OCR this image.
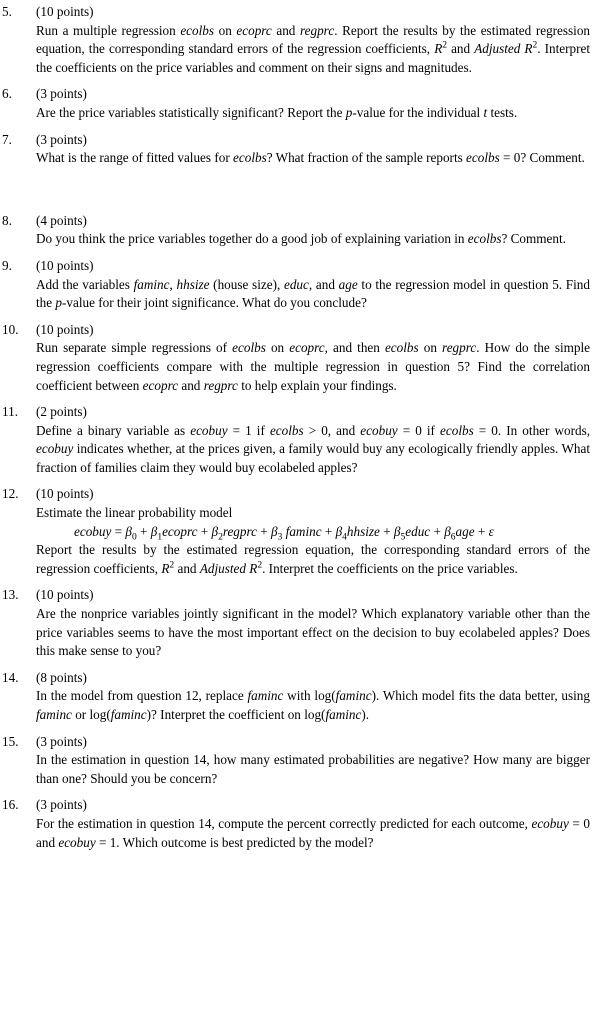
5.	(10 points)
Run a multiple regression ecolbs on ecoprc and regprc. Report the results by the estimated regression equation, the corresponding standard errors of the regression coefficients, $R^2$ and Adjusted $R^2$. Interpret the coefficients on the price variables and comment on their signs and magnitudes.
6.	(3 points)
Are the price variables statistically significant? Report the p-value for the individual t tests.
7.	(3 points)
What is the range of fitted values for ecolbs? What fraction of the sample reports ecolbs = 0? Comment.
8.	(4 points)
Do you think the price variables together do a good job of explaining variation in ecolbs? Comment.
9.	(10 points)
Add the variables faminc, hhsize (house size), educ, and age to the regression model in question 5. Find the p-value for their joint significance. What do you conclude?
10.	(10 points)
Run separate simple regressions of ecolbs on ecoprc, and then ecolbs on regprc. How do the simple regression coefficients compare with the multiple regression in question 5? Find the correlation coefficient between ecoprc and regprc to help explain your findings.
11.	(2 points)
Define a binary variable as ecobuy = 1 if ecolbs > 0, and ecobuy = 0 if ecolbs = 0. In other words, ecobuy indicates whether, at the prices given, a family would buy any ecologically friendly apples. What fraction of families claim they would buy ecolabeled apples?
12.	(10 points)
Estimate the linear probability model
ecobuy = $\beta_0$ + $\beta_1ecoprc$ + $\beta_2regprc + \beta_3$ $faminc + \beta_4hhsize$ + $\beta_5educ + \beta_6age + \varepsilon$
Report the results by the estimated regression equation, the corresponding standard errors of the regression coefficients, $R^2$ and Adjusted $R^2$. Interpret the coefficients on the price variables.
13.	(10 points)
Are the nonprice variables jointly significant in the model? Which explanatory variable other than the price variables seems to have the most important effect on the decision to buy ecolabeled apples? Does this make sense to you?
14.	(8 points)
In the model from question 12, replace faminc with log(faminc). Which model fits the data better, using faminc or log(faminc)? Interpret the coefficient on log(faminc).
15.	(3 points)
In the estimation in question 14, how many estimated probabilities are negative? How many are bigger than one? Should you be concern?
16.	(3 points)
For the estimation in question 14, compute the percent correctly predicted for each outcome, ecobuy = 0 and ecobuy = 1. Which outcome is best predicted by the model?
